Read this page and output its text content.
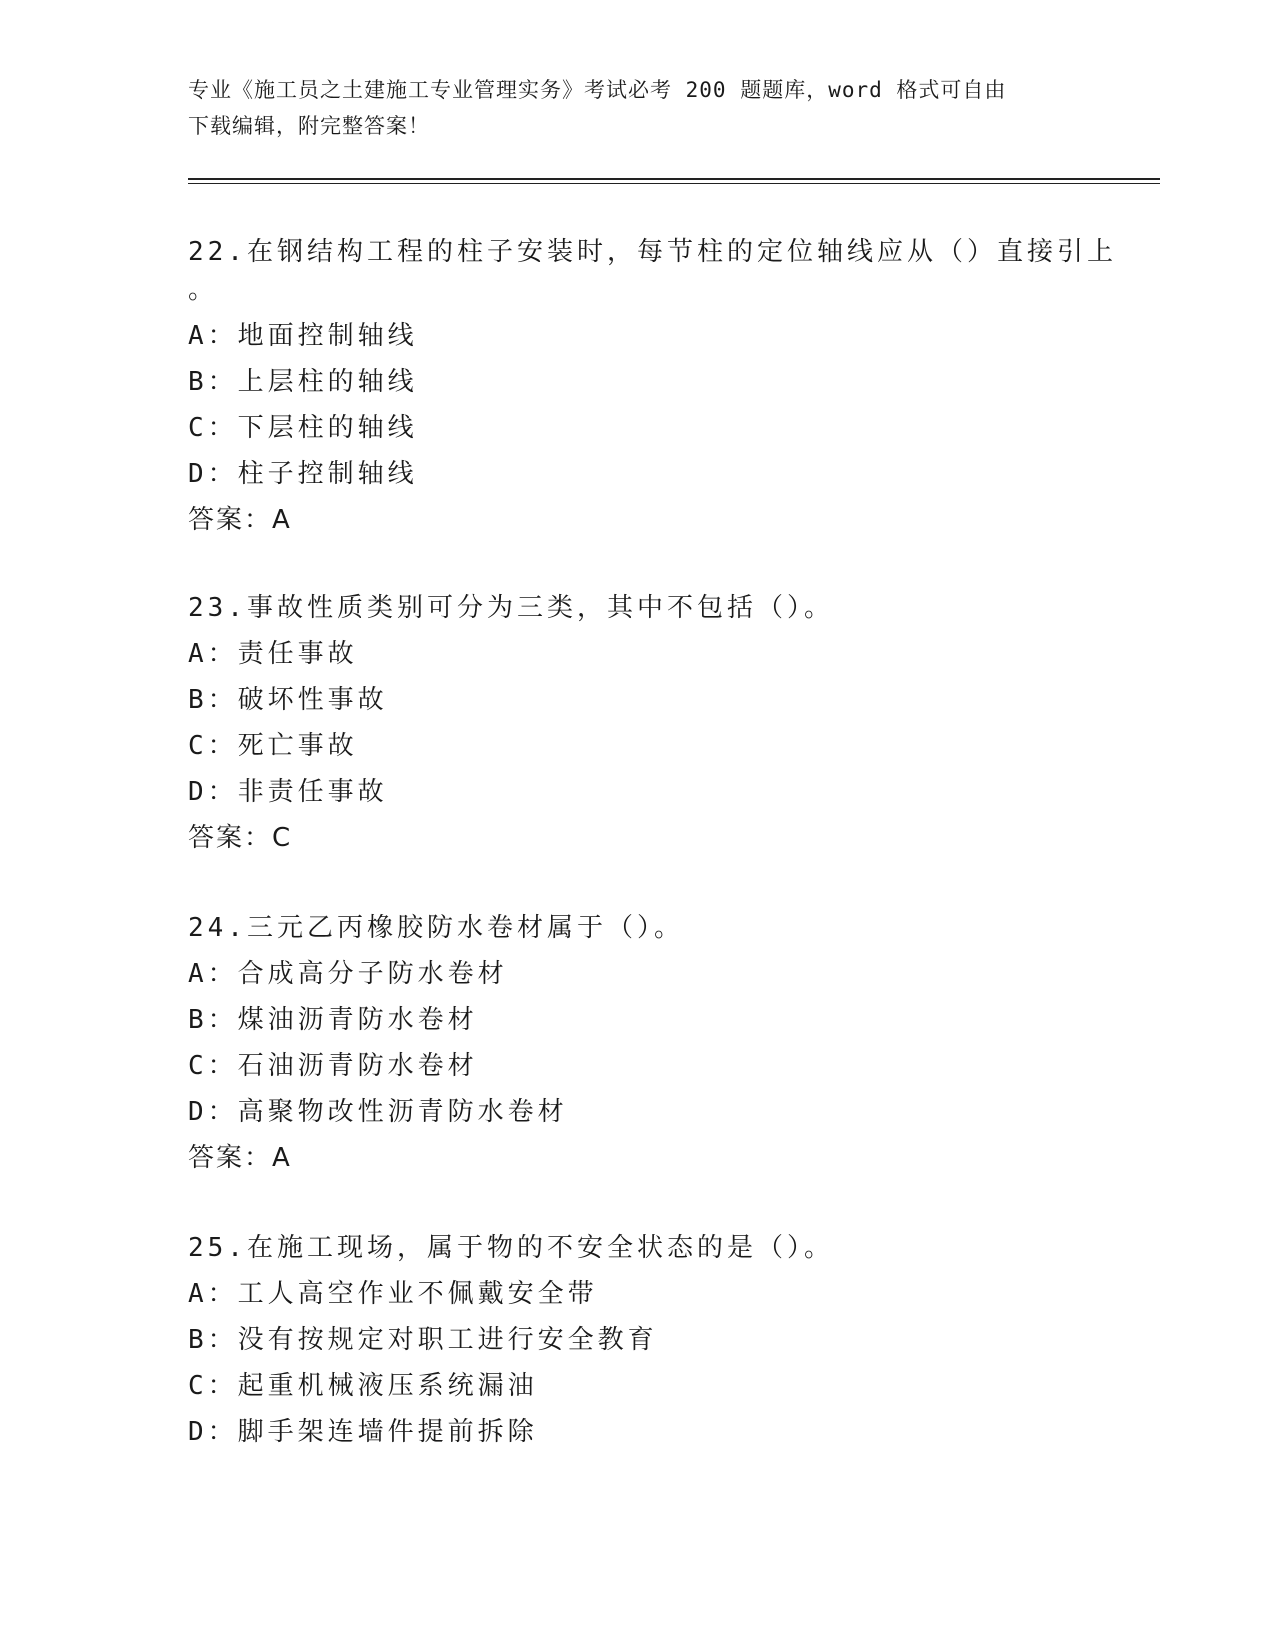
专业《施工员之土建施工专业管理实务》考试必考 200 题题库，word 格式可自由
下载编辑，附完整答案！
22.在钢结构工程的柱子安装时，每节柱的定位轴线应从（）直接引上
。
A：地面控制轴线
B：上层柱的轴线
C：下层柱的轴线
D：柱子控制轴线
答案：A
23.事故性质类别可分为三类，其中不包括（）。
A：责任事故
B：破坏性事故
C：死亡事故
D：非责任事故
答案：C
24.三元乙丙橡胶防水卷材属于（）。
A：合成高分子防水卷材
B：煤油沥青防水卷材
C：石油沥青防水卷材
D：高聚物改性沥青防水卷材
答案：A
25.在施工现场，属于物的不安全状态的是（）。
A：工人高空作业不佩戴安全带
B：没有按规定对职工进行安全教育
C：起重机械液压系统漏油
D：脚手架连墙件提前拆除
